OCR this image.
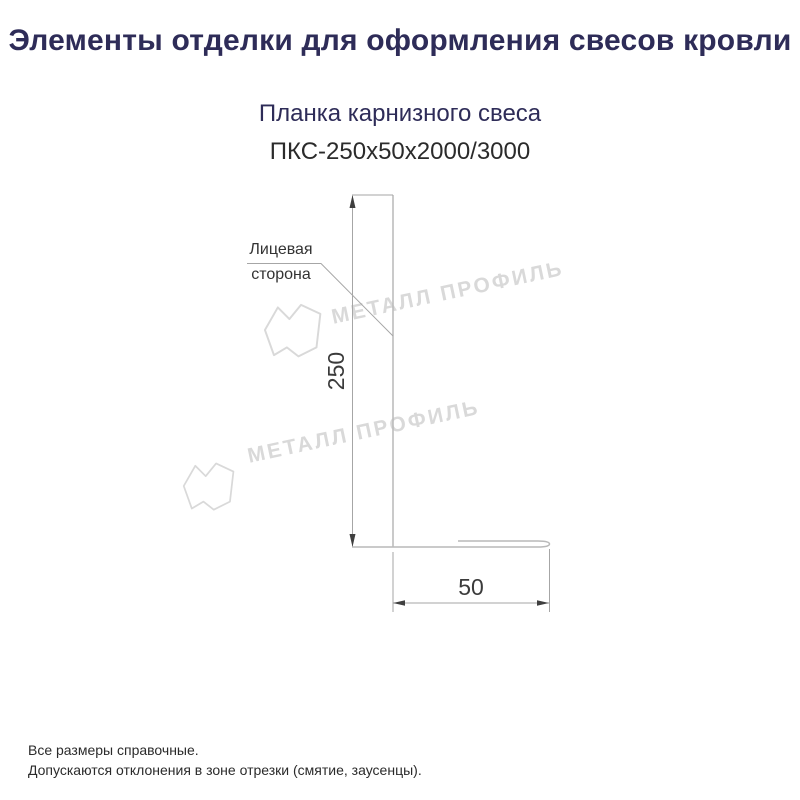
Элементы отделки для оформления свесов кровли
Планка карнизного свеса
ПКС-250х50х2000/3000
МЕТАЛЛ ПРОФИЛЬ
МЕТАЛЛ ПРОФИЛЬ
250
50
Лицевая
сторона
Все размеры справочные.
Допускаются отклонения в зоне отрезки (смятие, заусенцы).
